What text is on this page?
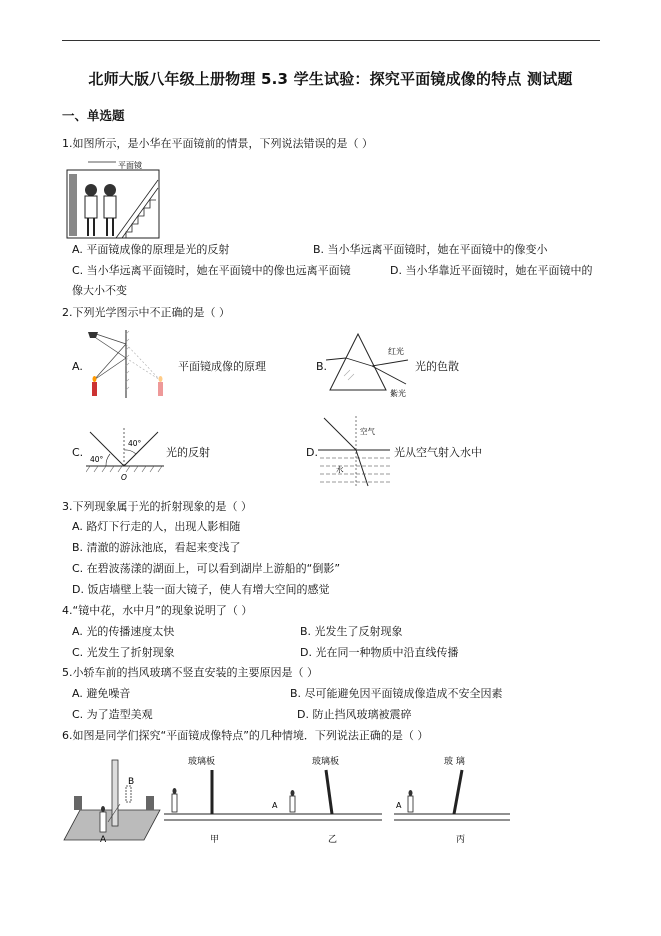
北师大版八年级上册物理 5.3 学生试验：探究平面镜成像的特点 测试题
一、单选题
1.如图所示，是小华在平面镜前的情景，下列说法错误的是（ ）
平面镜
A. 平面镜成像的原理是光的反射	B. 当小华远离平面镜时，她在平面镜中的像变小
C. 当小华远离平面镜时，她在平面镜中的像也远离平面镜	D. 当小华靠近平面镜时，她在平面镜中的
像大小不变
2.下列光学图示中不正确的是（ ）
A.	平面镜成像的原理	B.
红光
紫光
光的色散
C.
40°
40°
O
光的反射	D.
空气
水
光从空气射入水中
3.下列现象属于光的折射现象的是（ ）
A. 路灯下行走的人，出现人影相随
B. 清澈的游泳池底，看起来变浅了
C. 在碧波荡漾的湖面上，可以看到湖岸上游船的“倒影”
D. 饭店墙壁上装一面大镜子，使人有增大空间的感觉
4.“镜中花，水中月”的现象说明了（ ）
A. 光的传播速度太快	B. 光发生了反射现象
C. 光发生了折射现象	D. 光在同一种物质中沿直线传播
5.小轿车前的挡风玻璃不竖直安装的主要原因是（ ）
A. 避免噪音	B. 尽可能避免因平面镜成像造成不安全因素
C. 为了造型美观	D. 防止挡风玻璃被震碎
6.如图是同学们探究“平面镜成像特点”的几种情境．下列说法正确的是（ ）
A
B
玻璃板
甲
玻璃板
A
乙
玻 璃
A
丙
